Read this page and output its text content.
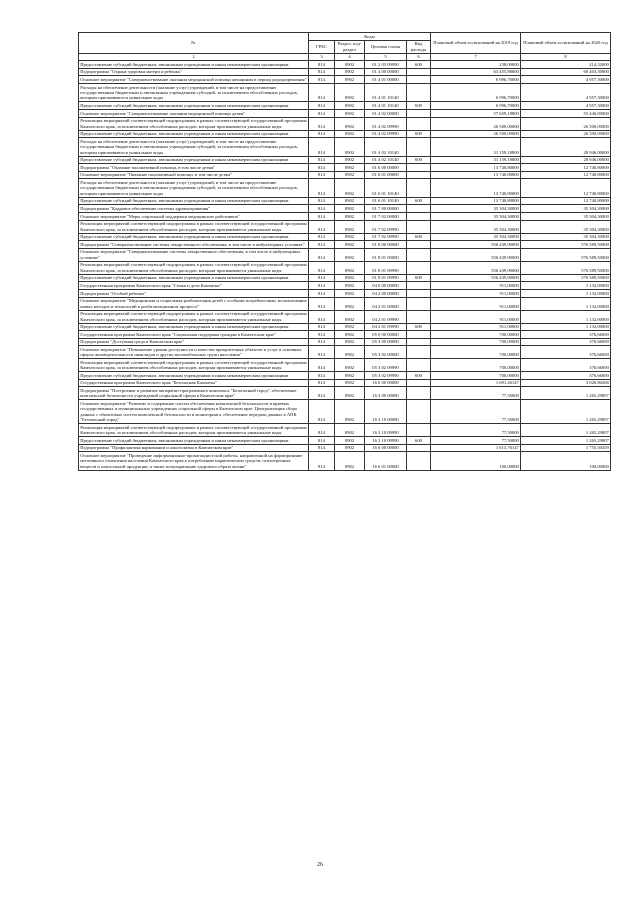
№	Коды				Плановый объем ассигнований на 2019 год	Плановый объем ассигнований на 2020 год
	ГРБС	Раздел, под-раздел	Целевая статья	Вид расхода		
2	3	4	5	6	7	8
Предоставление субсидий бюджетным, автономным учреждениям и иным некоммерческим организациям	814	0902	01 2 03 09990	600	238,00000	214,32000
Подпрограмма "Охрана здоровья матери и ребенка"	814	0902	01 4 00 00000		63 455,88600	60 403,30000
Основное мероприятие "Совершенствование оказания медицинской помощи женщинам в период родоразрешения"	814	0902	01 4 01 00000		6 996,70000	4 957,30000
Расходы на обеспечение деятельности (оказание услуг) учреждений, в том числе на предоставление государственным бюджетным и автономным учреждениям субсидий, за исключением обособленных расходов, которым присваиваются уникальные коды	814	0902	01 4 01 10140		6 996,70000	4 957,30000
Предоставление субсидий бюджетным, автономным учреждениям и иным некоммерческим организациям	814	0902	01 4 01 10140	600	6 996,70000	4 957,30000
Основное мероприятие "Совершенствование оказания медицинской помощи детям"	814	0902	01 4 02 00000		57 659,18800	55 446,00000
Реализация мероприятий соответствующей подпрограммы в рамках соответствующей государственной программы Камчатского края, за исключением обособленных расходов, которым присваиваются уникальные коды	814	0902	01 4 02 09990		26 500,00000	26 500,00000
Предоставление субсидий бюджетным, автономным учреждениям и иным некоммерческим организациям	814	0902	01 4 02 09990	600	26 500,00000	26 500,00000
Расходы на обеспечение деятельности (оказание услуг) учреждений, в том числе на предоставление государственным бюджетным и автономным учреждениям субсидий, за исключением обособленных расходов, которым присваиваются уникальные коды	814	0902	01 4 02 10140		31 159,18800	28 946,00000
Предоставление субсидий бюджетным, автономным учреждениям и иным некоммерческим организациям	814	0902	01 4 02 10140	600	31 159,18800	28 946,00000
Подпрограмма "Оказание паллиативной помощи, в том числе детям"	814	0902	01 6 00 00000		13 740,80000	12 740,80000
Основное мероприятие "Оказание паллиативной помощи, в том числе детям"	814	0902	01 6 01 00000		13 740,80000	12 740,80000
Расходы на обеспечение деятельности (оказание услуг) учреждений, в том числе на предоставление государственным бюджетным и автономным учреждениям субсидий, за исключением обособленных расходов, которым присваиваются уникальные коды	814	0902	01 6 01 10140		13 740,80000	12 740,80000
Предоставление субсидий бюджетным, автономным учреждениям и иным некоммерческим организациям	814	0902	01 6 01 10140	600	13 740,80000	12 740,80000
Подпрограмма "Кадровое обеспечение системы здравоохранения"	814	0902	01 7 00 00000		35 304,30000	35 304,30000
Основное мероприятие "Меры социальной поддержки медицинских работников"	814	0902	01 7 02 00000		35 304,30000	35 304,30000
Реализация мероприятий соответствующей подпрограммы в рамках соответствующей государственной программы Камчатского края, за исключением обособленных расходов, которым присваиваются уникальные коды	814	0902	01 7 02 09990		35 304,30000	35 304,30000
Предоставление субсидий бюджетным, автономным учреждениям и иным некоммерческим организациям	814	0902	01 7 02 09990	600	35 304,30000	35 304,30000
Подпрограмма "Совершенствование системы лекарственного обеспечения, в том числе в амбулаторных условиях"	814	0902	01 8 00 00000		556 439,90000	576 589,50000
Основное мероприятие "Совершенствование системы лекарственного обеспечения, в том числе в амбулаторных условиях"	814	0902	01 8 01 00000		556 439,90000	576 589,50000
Реализация мероприятий соответствующей подпрограммы в рамках соответствующей государственной программы Камчатского края, за исключением обособленных расходов, которым присваиваются уникальные коды	814	0902	01 8 01 09990		556 439,90000	576 589,50000
Предоставление субсидий бюджетным, автономным учреждениям и иным некоммерческим организациям	814	0902	01 8 01 09990	600	556 439,90000	576 589,50000
Государственная программа Камчатского края "Семья и дети Камчатки"	814	0902	04 0 00 00000		911,00000	1 132,00000
Подпрограмма "Особый ребенок"	814	0902	04 2 00 00000		911,00000	1 132,00000
Основное мероприятие "Медицинская и социальная реабилитация детей с особыми потребностями, использование новых методов и технологий в реабилитационном процессе"	814	0902	04 2 01 00000		911,00000	1 132,00000
Реализация мероприятий соответствующей подпрограммы в рамках соответствующей государственной программы Камчатского края, за исключением обособленных расходов, которым присваиваются уникальные коды	814	0902	04 2 01 09990		911,00000	1 132,00000
Предоставление субсидий бюджетным, автономным учреждениям и иным некоммерческим организациям	814	0902	04 2 01 09990	600	911,00000	1 132,00000
Государственная программа Камчатского края "Социальная поддержка граждан в Камчатском крае"	814	0902	05 0 00 00000		700,00000	376,66000
Подпрограмма "Доступная среда в Камчатском крае"	814	0902	05 3 00 00000		700,00000	376,66000
Основное мероприятие "Повышение уровня доступности и качества приоритетных объектов и услуг в основных сферах жизнедеятельности инвалидов и других маломобильных групп населения"	814	0902	05 3 02 00000		700,00000	376,66000
Реализация мероприятий соответствующей подпрограммы в рамках соответствующей государственной программы Камчатского края, за исключением обособленных расходов, которым присваиваются уникальные коды	814	0902	05 3 02 09990		700,00000	376,66000
Предоставление субсидий бюджетным, автономным учреждениям и иным некоммерческим организациям	814	0902	05 3 02 09990	600	700,00000	376,66000
Государственная программа Камчатского края "Безопасная Камчатка"	814	0902	16 0 00 00000		1 691,26147	3 020,80266
Подпрограмма "Построение и развитие аппаратно-программного комплекса "Безопасный город", обеспечение комплексной безопасности учреждений социальной сферы в Камчатском крае"	814	0902	16 3 00 00000		77,50000	1 265,29807
Основное мероприятие "Развитие и содержание систем обеспечения комплексной безопасности в краевых государственных и муниципальных учреждениях социальной сферы в Камчатском крае. Централизация сбора данных с объектовых систем комплексной безопасности и мониторинга, обеспечение передачи данных в АПК "Безопасный город"	814	0902	16 3 10 00000		77,50000	1 265,29807
Реализация мероприятий соответствующей подпрограммы в рамках соответствующей государственной программы Камчатского края, за исключением обособленных расходов, которым присваиваются уникальные коды	814	0902	16 3 10 09990		77,50000	1 265,29807
Предоставление субсидий бюджетным, автономным учреждениям и иным некоммерческим организациям	814	0902	16 3 10 09990	600	77,50000	1 265,29807
Подпрограмма "Профилактика наркомании и алкоголизма в Камчатском крае"	814	0902	16 6 00 00000		1 613,76147	1 755,50459
Основное мероприятие "Проведение информационно-пропагандистской работы, направленной на формирование негативного отношения населения Камчатского края к потреблению наркотических средств, психотропных веществ и алкогольной продукции, а также популяризацию здорового образа жизни"	814	0902	16 6 01 00000		100,00000	100,00000
26
